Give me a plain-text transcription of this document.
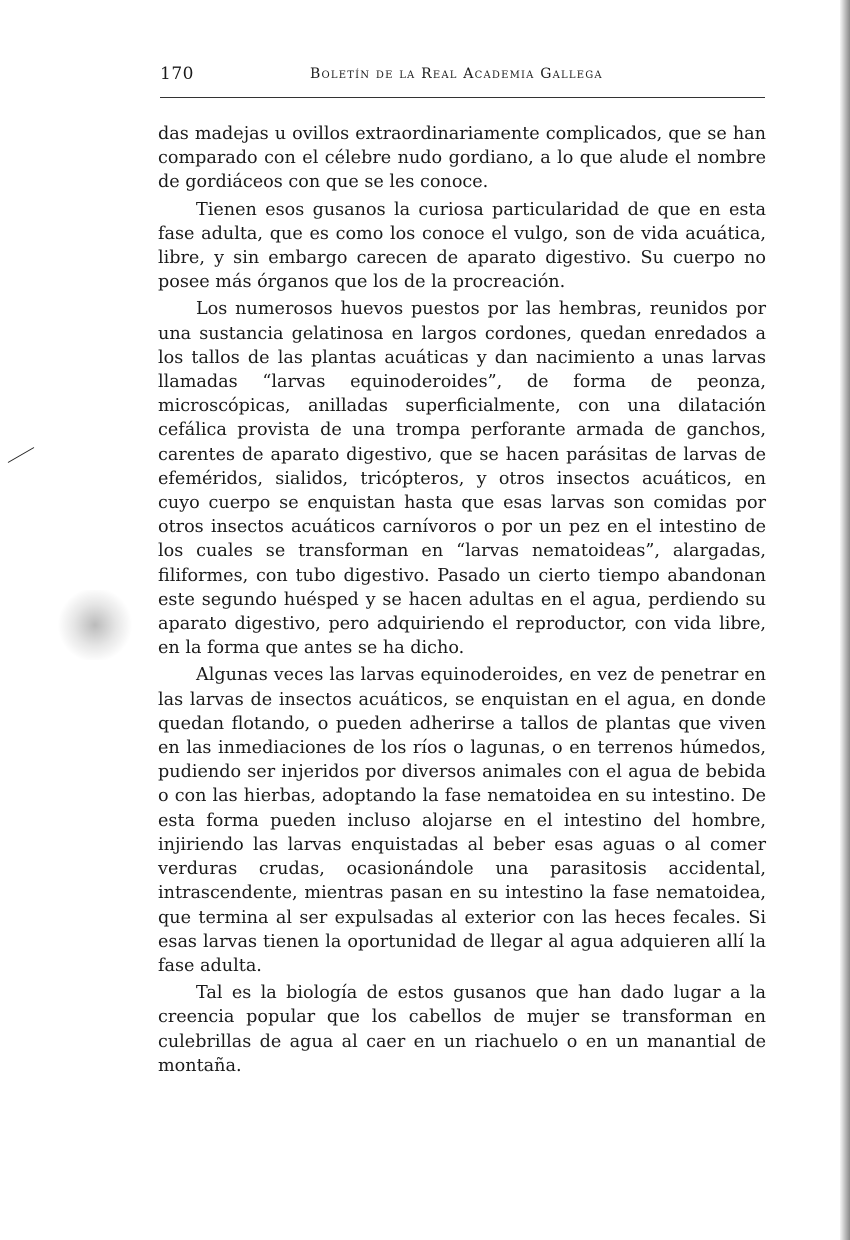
170	Boletín de la Real Academia Gallega

das madejas u ovillos extraordinariamente complicados, que se han comparado con el célebre nudo gordiano, a lo que alude el nombre de gordiáceos con que se les conoce.

Tienen esos gusanos la curiosa particularidad de que en esta fase adulta, que es como los conoce el vulgo, son de vida acuática, libre, y sin embargo carecen de aparato digestivo. Su cuerpo no posee más órganos que los de la procreación.

Los numerosos huevos puestos por las hembras, reunidos por una sustancia gelatinosa en largos cordones, quedan enredados a los tallos de las plantas acuáticas y dan nacimiento a unas larvas llamadas “larvas equinoderoides”, de forma de peonza, microscópicas, anilladas superficialmente, con una dilatación cefálica provista de una trompa perforante armada de ganchos, carentes de aparato digestivo, que se hacen parásitas de larvas de efeméridos, sialidos, tricópteros, y otros insectos acuáticos, en cuyo cuerpo se enquistan hasta que esas larvas son comidas por otros insectos acuáticos carnívoros o por un pez en el intestino de los cuales se transforman en “larvas nematoideas”, alargadas, filiformes, con tubo digestivo. Pasado un cierto tiempo abandonan este segundo huésped y se hacen adultas en el agua, perdiendo su aparato digestivo, pero adquiriendo el reproductor, con vida libre, en la forma que antes se ha dicho.

Algunas veces las larvas equinoderoides, en vez de penetrar en las larvas de insectos acuáticos, se enquistan en el agua, en donde quedan flotando, o pueden adherirse a tallos de plantas que viven en las inmediaciones de los ríos o lagunas, o en terrenos húmedos, pudiendo ser injeridos por diversos animales con el agua de bebida o con las hierbas, adoptando la fase nematoidea en su intestino. De esta forma pueden incluso alojarse en el intestino del hombre, injiriendo las larvas enquistadas al beber esas aguas o al comer verduras crudas, ocasionándole una parasitosis accidental, intrascendente, mientras pasan en su intestino la fase nematoidea, que termina al ser expulsadas al exterior con las heces fecales. Si esas larvas tienen la oportunidad de llegar al agua adquieren allí la fase adulta.

Tal es la biología de estos gusanos que han dado lugar a la creencia popular que los cabellos de mujer se transforman en culebrillas de agua al caer en un riachuelo o en un manantial de montaña.
